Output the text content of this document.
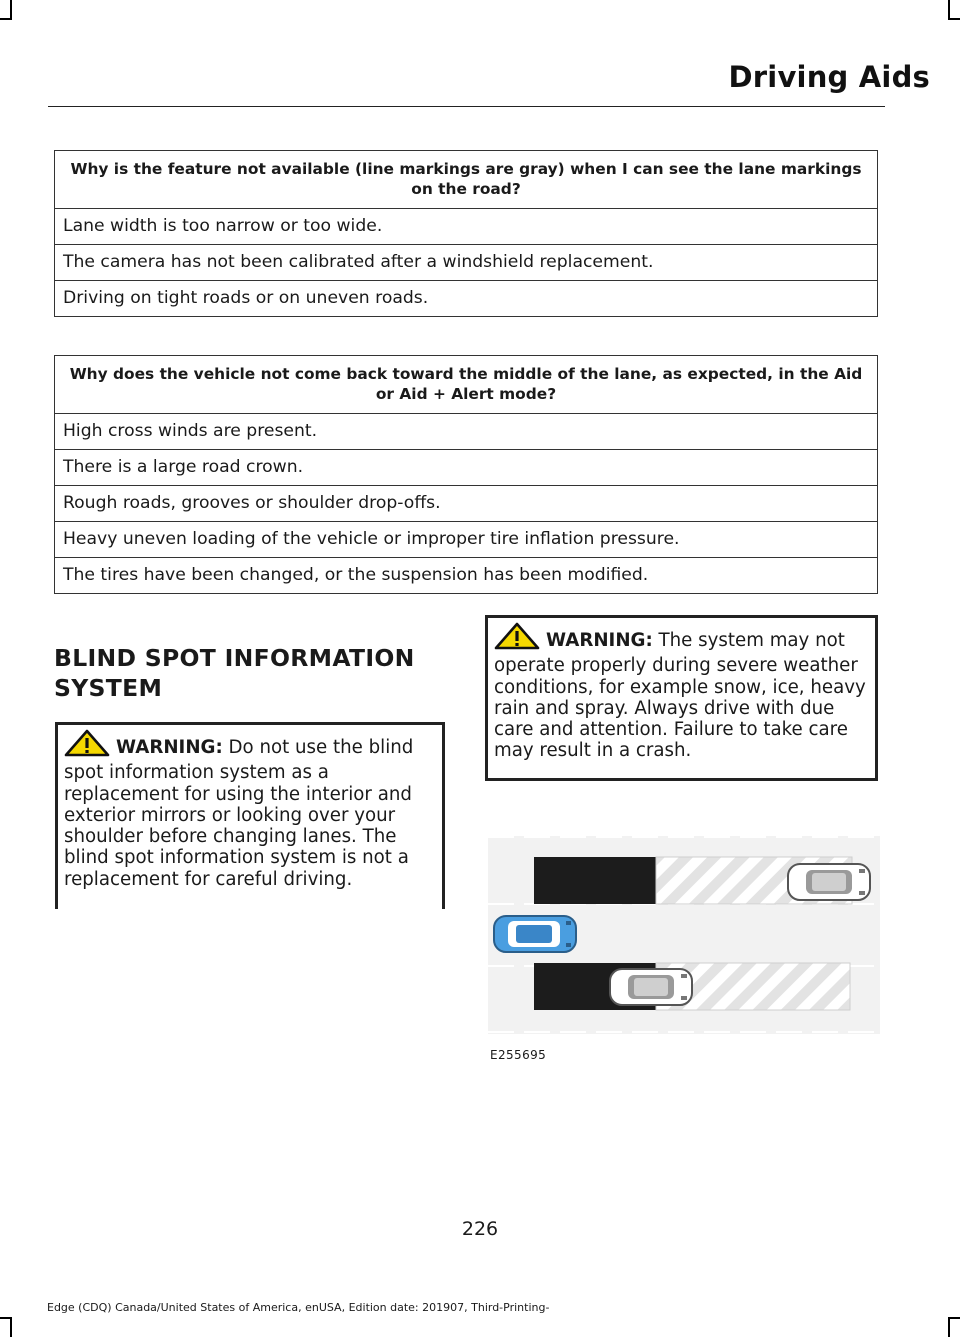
Driving Aids
Why is the feature not available (line markings are gray) when I can see the lane markings on the road?
Lane width is too narrow or too wide.
The camera has not been calibrated after a windshield replacement.
Driving on tight roads or on uneven roads.
Why does the vehicle not come back toward the middle of the lane, as expected, in the Aid or Aid + Alert mode?
High cross winds are present.
There is a large road crown.
Rough roads, grooves or shoulder drop-offs.
Heavy uneven loading of the vehicle or improper tire inflation pressure.
The tires have been changed, or the suspension has been modified.
BLIND SPOT INFORMATION
SYSTEM
WARNING: Do not use the blind spot information system as a replacement for using the interior and exterior mirrors or looking over your shoulder before changing lanes. The blind spot information system is not a replacement for careful driving.
WARNING: The system may not operate properly during severe weather conditions, for example snow, ice, heavy rain and spray. Always drive with due care and attention. Failure to take care may result in a crash.
E255695
226
Edge (CDQ) Canada/United States of America, enUSA, Edition date: 201907, Third-Printing-
